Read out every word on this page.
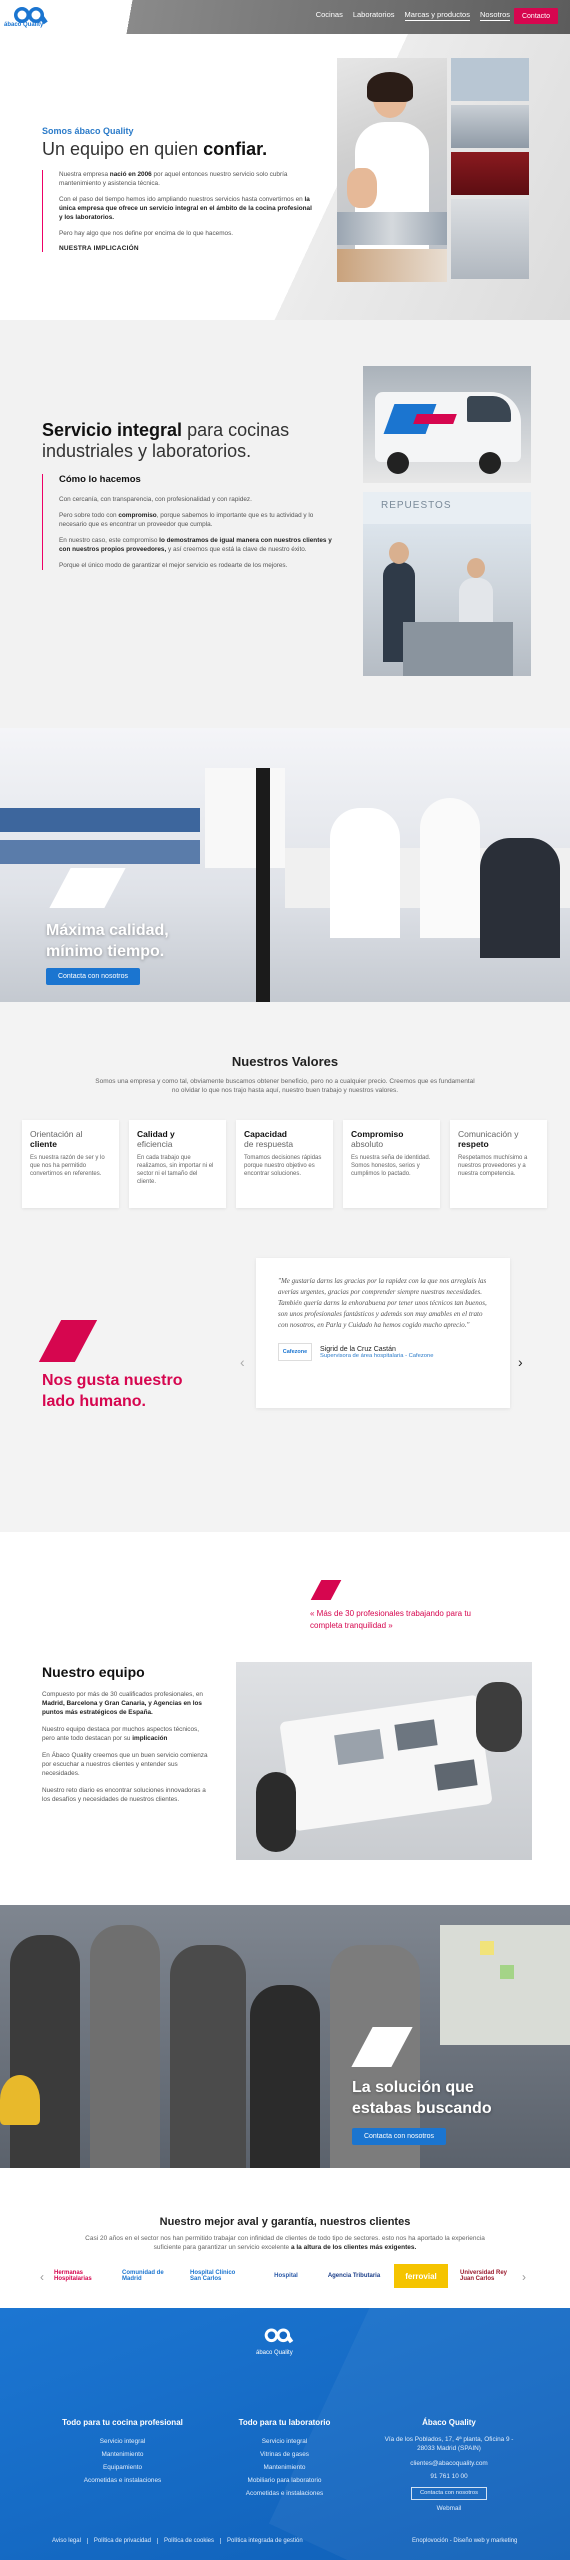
ábaco Quality
Cocinas Laboratorios Marcas y productos Nosotros	Contacto
Somos ábaco Quality
Un equipo en quien confiar.

Nuestra empresa nació en 2006 por aquel entonces nuestro servicio solo cubría mantenimiento y asistencia técnica.

Con el paso del tiempo hemos ido ampliando nuestros servicios hasta convertirnos en la única empresa que ofrece un servicio integral en el ámbito de la cocina profesional y los laboratorios.

Pero hay algo que nos define por encima de lo que hacemos.

NUESTRA IMPLICACIÓN
Servicio integral para cocinas industriales y laboratorios.
Cómo lo hacemos

Con cercanía, con transparencia, con profesionalidad y con rapidez.

Pero sobre todo con compromiso, porque sabemos lo importante que es tu actividad y lo necesario que es encontrar un proveedor que cumpla.

En nuestro caso, este compromiso lo demostramos de igual manera con nuestros clientes y con nuestros propios proveedores, y así creemos que está la clave de nuestro éxito.

Porque el único modo de garantizar el mejor servicio es rodearte de los mejores.

REPUESTOS
Máxima calidad,
mínimo tiempo.
Contacta con nosotros
Nuestros Valores
Somos una empresa y como tal, obviamente buscamos obtener beneficio, pero no a cualquier precio. Creemos que es fundamental
no olvidar lo que nos trajo hasta aquí, nuestro buen trabajo y nuestros valores.
Orientación al
cliente

Es nuestra razón de ser y lo que nos ha permitido convertirnos en referentes.

Calidad y
eficiencia

En cada trabajo que realizamos, sin importar ni el sector ni el tamaño del cliente.

Capacidad
de respuesta

Tomamos decisiones rápidas porque nuestro objetivo es encontrar soluciones.

Compromiso
absoluto

Es nuestra seña de identidad. Somos honestos, serios y cumplimos lo pactado.

Comunicación y
respeto

Respetamos muchísimo a nuestros proveedores y a nuestra competencia.

Nos gusta nuestro
lado humano.
‹	›

"Me gustaría darns las gracias por la rapidez con la que nos arreglais las averías urgentes, gracias por comprender siempre nuestras necesidades. También quería darns la enhorabuena por tener unos técnicos tan buenos, son unos profesionales fantásticos y además son muy amables en el trato con nosotros, en Parla y Cuidado ha hemos cogido mucho aprecio."

Cafezone	Sigrid de la Cruz Castán
Supervisora de área hospitalaria - Cafezone
« Más de 30 profesionales trabajando para tu
completa tranquilidad »
Nuestro equipo

Compuesto por más de 30 cualificados profesionales, en Madrid, Barcelona y Gran Canaria, y Agencias en los puntos más estratégicos de España.

Nuestro equipo destaca por muchos aspectos técnicos, pero ante todo destacan por su implicación

En Ábaco Quality creemos que un buen servicio comienza por escuchar a nuestros clientes y entender sus necesidades.

Nuestro reto diario es encontrar soluciones innovadoras a los desafíos y necesidades de nuestros clientes.

La solución que
estabas buscando
Contacta con nosotros
Nuestro mejor aval y garantía, nuestros clientes
Casi 20 años en el sector nos han permitido trabajar con infinidad de clientes de todo tipo de sectores. esto nos ha aportado la experiencia
suficiente para garantizar un servicio excelente a la altura de los clientes más exigentes.
‹	›
Hermanas Hospitalarias
Comunidad de Madrid
Hospital Clínico San Carlos	Hospital	Agencia Tributaria	ferrovial	Universidad Rey Juan Carlos
ábaco Quality
Todo para tu cocina profesional
Servicio integral
Mantenimiento
Equipamiento
Acometidas e instalaciones
Todo para tu laboratorio
Servicio integral
Vitrinas de gases
Mantenimiento
Mobiliario para laboratorio
Acometidas e instalaciones
Ábaco Quality
Vía de los Poblados, 17, 4ª planta, Oficina 9 -
28033 Madrid (SPAIN)
clientes@abacoquality.com
91 761 10 00
Contacta con nosotros
Webmail
Aviso legal	Política de privacidad	Política de cookies	Política integrada de gestión	Enoplovoción - Diseño web y marketing
